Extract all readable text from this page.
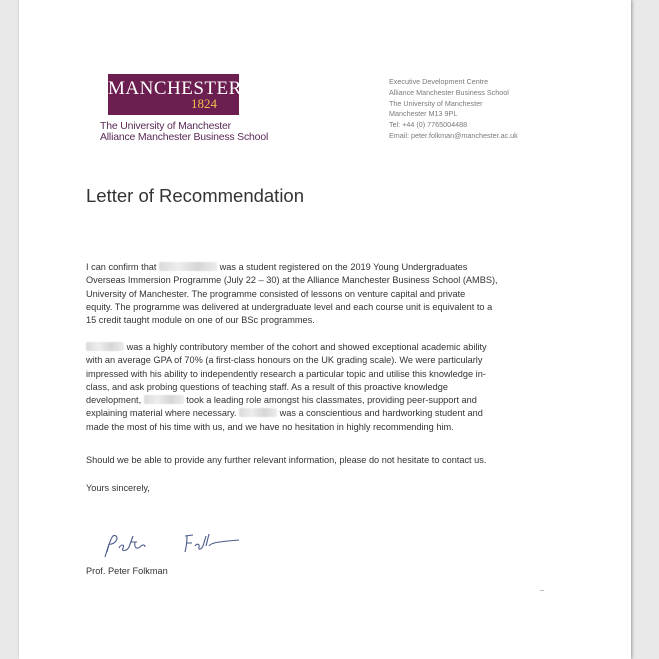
MANCHESTER
1824
The University of Manchester
Alliance Manchester Business School
Executive Development Centre
Alliance Manchester Business School
The University of Manchester
Manchester M13 9PL
Tel: +44 (0) 7765004488
Email: peter.folkman@manchester.ac.uk
Letter of Recommendation
I can confirm that	was a student registered on the 2019 Young Undergraduates
Overseas Immersion Programme (July 22 – 30) at the Alliance Manchester Business School (AMBS),
University of Manchester. The programme consisted of lessons on venture capital and private
equity. The programme was delivered at undergraduate level and each course unit is equivalent to a
15 credit taught module on one of our BSc programmes.
was a highly contributory member of the cohort and showed exceptional academic ability
with an average GPA of 70% (a first-class honours on the UK grading scale). We were particularly
impressed with his ability to independently research a particular topic and utilise this knowledge in-
class, and ask probing questions of teaching staff. As a result of this proactive knowledge
development,	took a leading role amongst his classmates, providing peer-support and
explaining material where necessary.	was a conscientious and hardworking student and
made the most of his time with us, and we have no hesitation in highly recommending him.
Should we be able to provide any further relevant information, please do not hesitate to contact us.
Yours sincerely,
Prof. Peter Folkman
